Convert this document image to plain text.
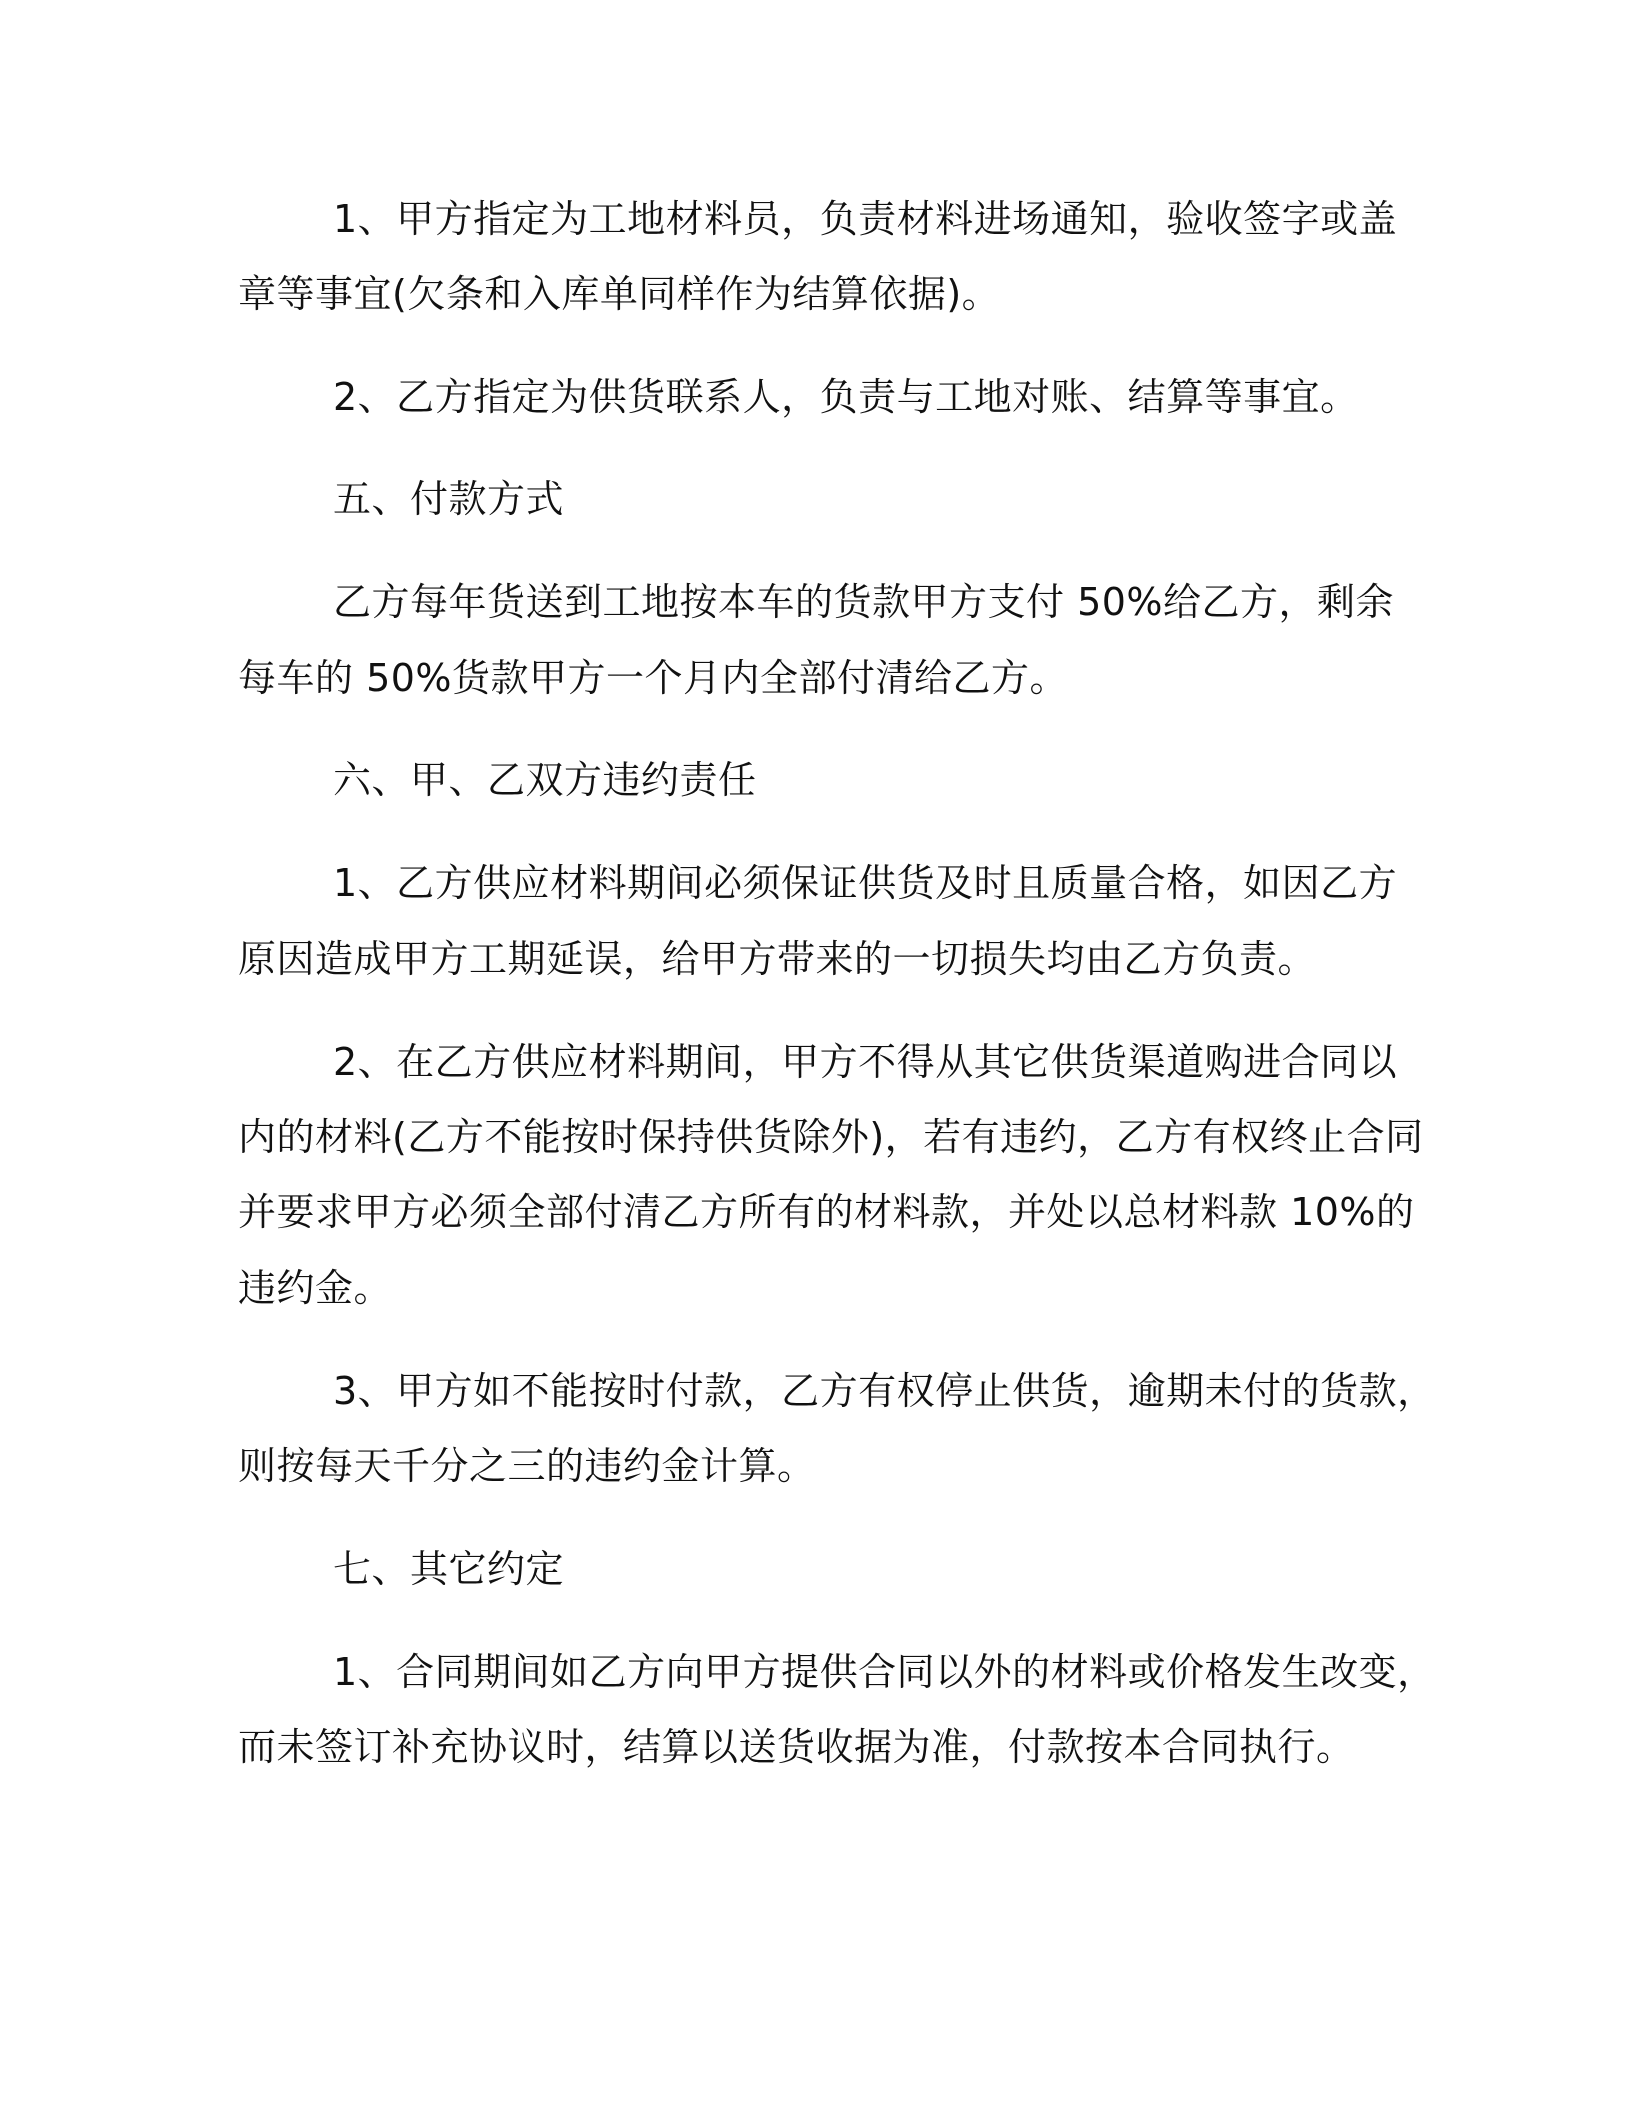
1、甲方指定为工地材料员，负责材料进场通知，验收签字或盖
章等事宜(欠条和入库单同样作为结算依据)。
2、乙方指定为供货联系人，负责与工地对账、结算等事宜。
五、付款方式
乙方每年货送到工地按本车的货款甲方支付 50%给乙方，剩余
每车的 50%货款甲方一个月内全部付清给乙方。
六、甲、乙双方违约责任
1、乙方供应材料期间必须保证供货及时且质量合格，如因乙方
原因造成甲方工期延误，给甲方带来的一切损失均由乙方负责。
2、在乙方供应材料期间，甲方不得从其它供货渠道购进合同以
内的材料(乙方不能按时保持供货除外)，若有违约，乙方有权终止合同
并要求甲方必须全部付清乙方所有的材料款，并处以总材料款 10%的
违约金。
3、甲方如不能按时付款，乙方有权停止供货，逾期未付的货款，
则按每天千分之三的违约金计算。
七、其它约定
1、合同期间如乙方向甲方提供合同以外的材料或价格发生改变，
而未签订补充协议时，结算以送货收据为准，付款按本合同执行。
